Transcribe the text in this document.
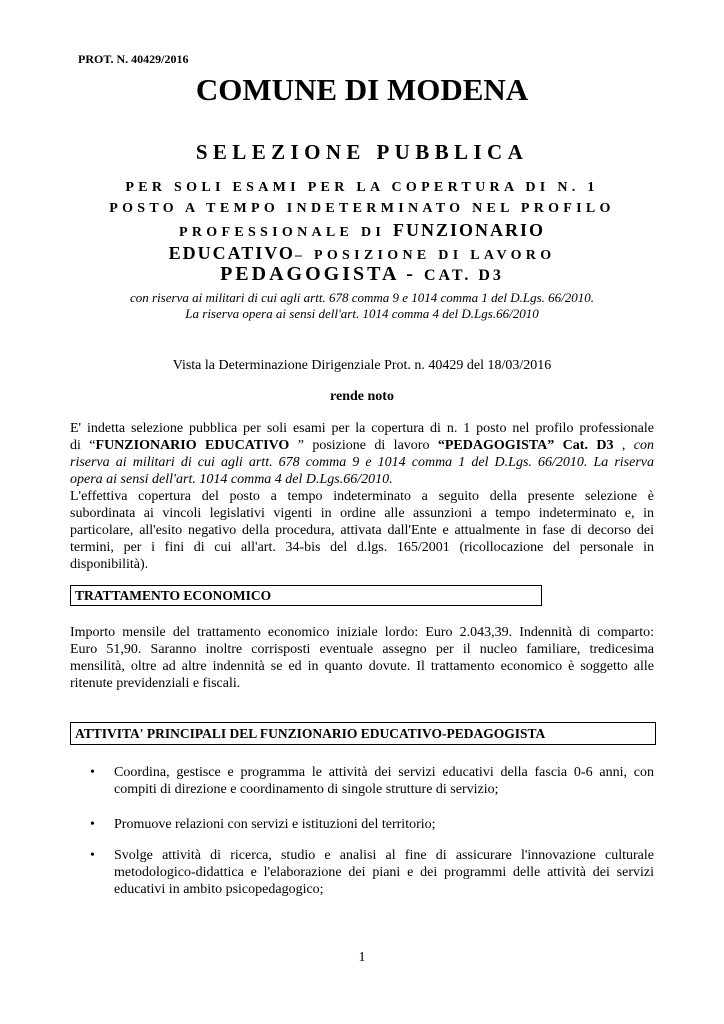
PROT. N. 40429/2016
COMUNE DI MODENA
SELEZIONE PUBBLICA
PER SOLI ESAMI PER LA COPERTURA DI N. 1
POSTO A TEMPO INDETERMINATO NEL PROFILO
PROFESSIONALE DI FUNZIONARIO
EDUCATIVO– POSIZIONE DI LAVORO
PEDAGOGISTA - CAT. D3
con riserva ai militari di cui agli artt. 678 comma 9 e 1014 comma 1 del D.Lgs. 66/2010.
La riserva opera ai sensi dell'art. 1014 comma 4 del D.Lgs.66/2010
Vista la Determinazione Dirigenziale Prot. n. 40429 del 18/03/2016
rende noto
E' indetta selezione pubblica per soli esami per la copertura di n. 1 posto nel profilo professionale
di “FUNZIONARIO EDUCATIVO ” posizione di lavoro “PEDAGOGISTA” Cat. D3 , con
riserva ai militari di cui agli artt. 678 comma 9 e 1014 comma 1 del D.Lgs. 66/2010. La riserva
opera ai sensi dell'art. 1014 comma 4 del D.Lgs.66/2010.
L'effettiva copertura del posto a tempo indeterminato a seguito della presente selezione è
subordinata ai vincoli legislativi vigenti in ordine alle assunzioni a tempo indeterminato e, in
particolare, all'esito negativo della procedura, attivata dall'Ente e attualmente in fase di decorso dei
termini, per i fini di cui all'art. 34-bis del d.lgs. 165/2001 (ricollocazione del personale in
disponibilità).
TRATTAMENTO ECONOMICO
Importo mensile del trattamento economico iniziale lordo: Euro 2.043,39. Indennità di comparto:
Euro 51,90. Saranno inoltre corrisposti eventuale assegno per il nucleo familiare, tredicesima
mensilità, oltre ad altre indennità se ed in quanto dovute. Il trattamento economico è soggetto alle
ritenute previdenziali e fiscali.
ATTIVITA' PRINCIPALI DEL FUNZIONARIO EDUCATIVO-PEDAGOGISTA
• Coordina, gestisce e programma le attività dei servizi educativi della fascia 0-6 anni, con
compiti di direzione e coordinamento di singole strutture di servizio;
• Promuove relazioni con servizi e istituzioni del territorio;
• Svolge attività di ricerca, studio e analisi al fine di assicurare l'innovazione culturale
metodologico-didattica e l'elaborazione dei piani e dei programmi delle attività dei servizi
educativi in ambito psicopedagogico;
1
